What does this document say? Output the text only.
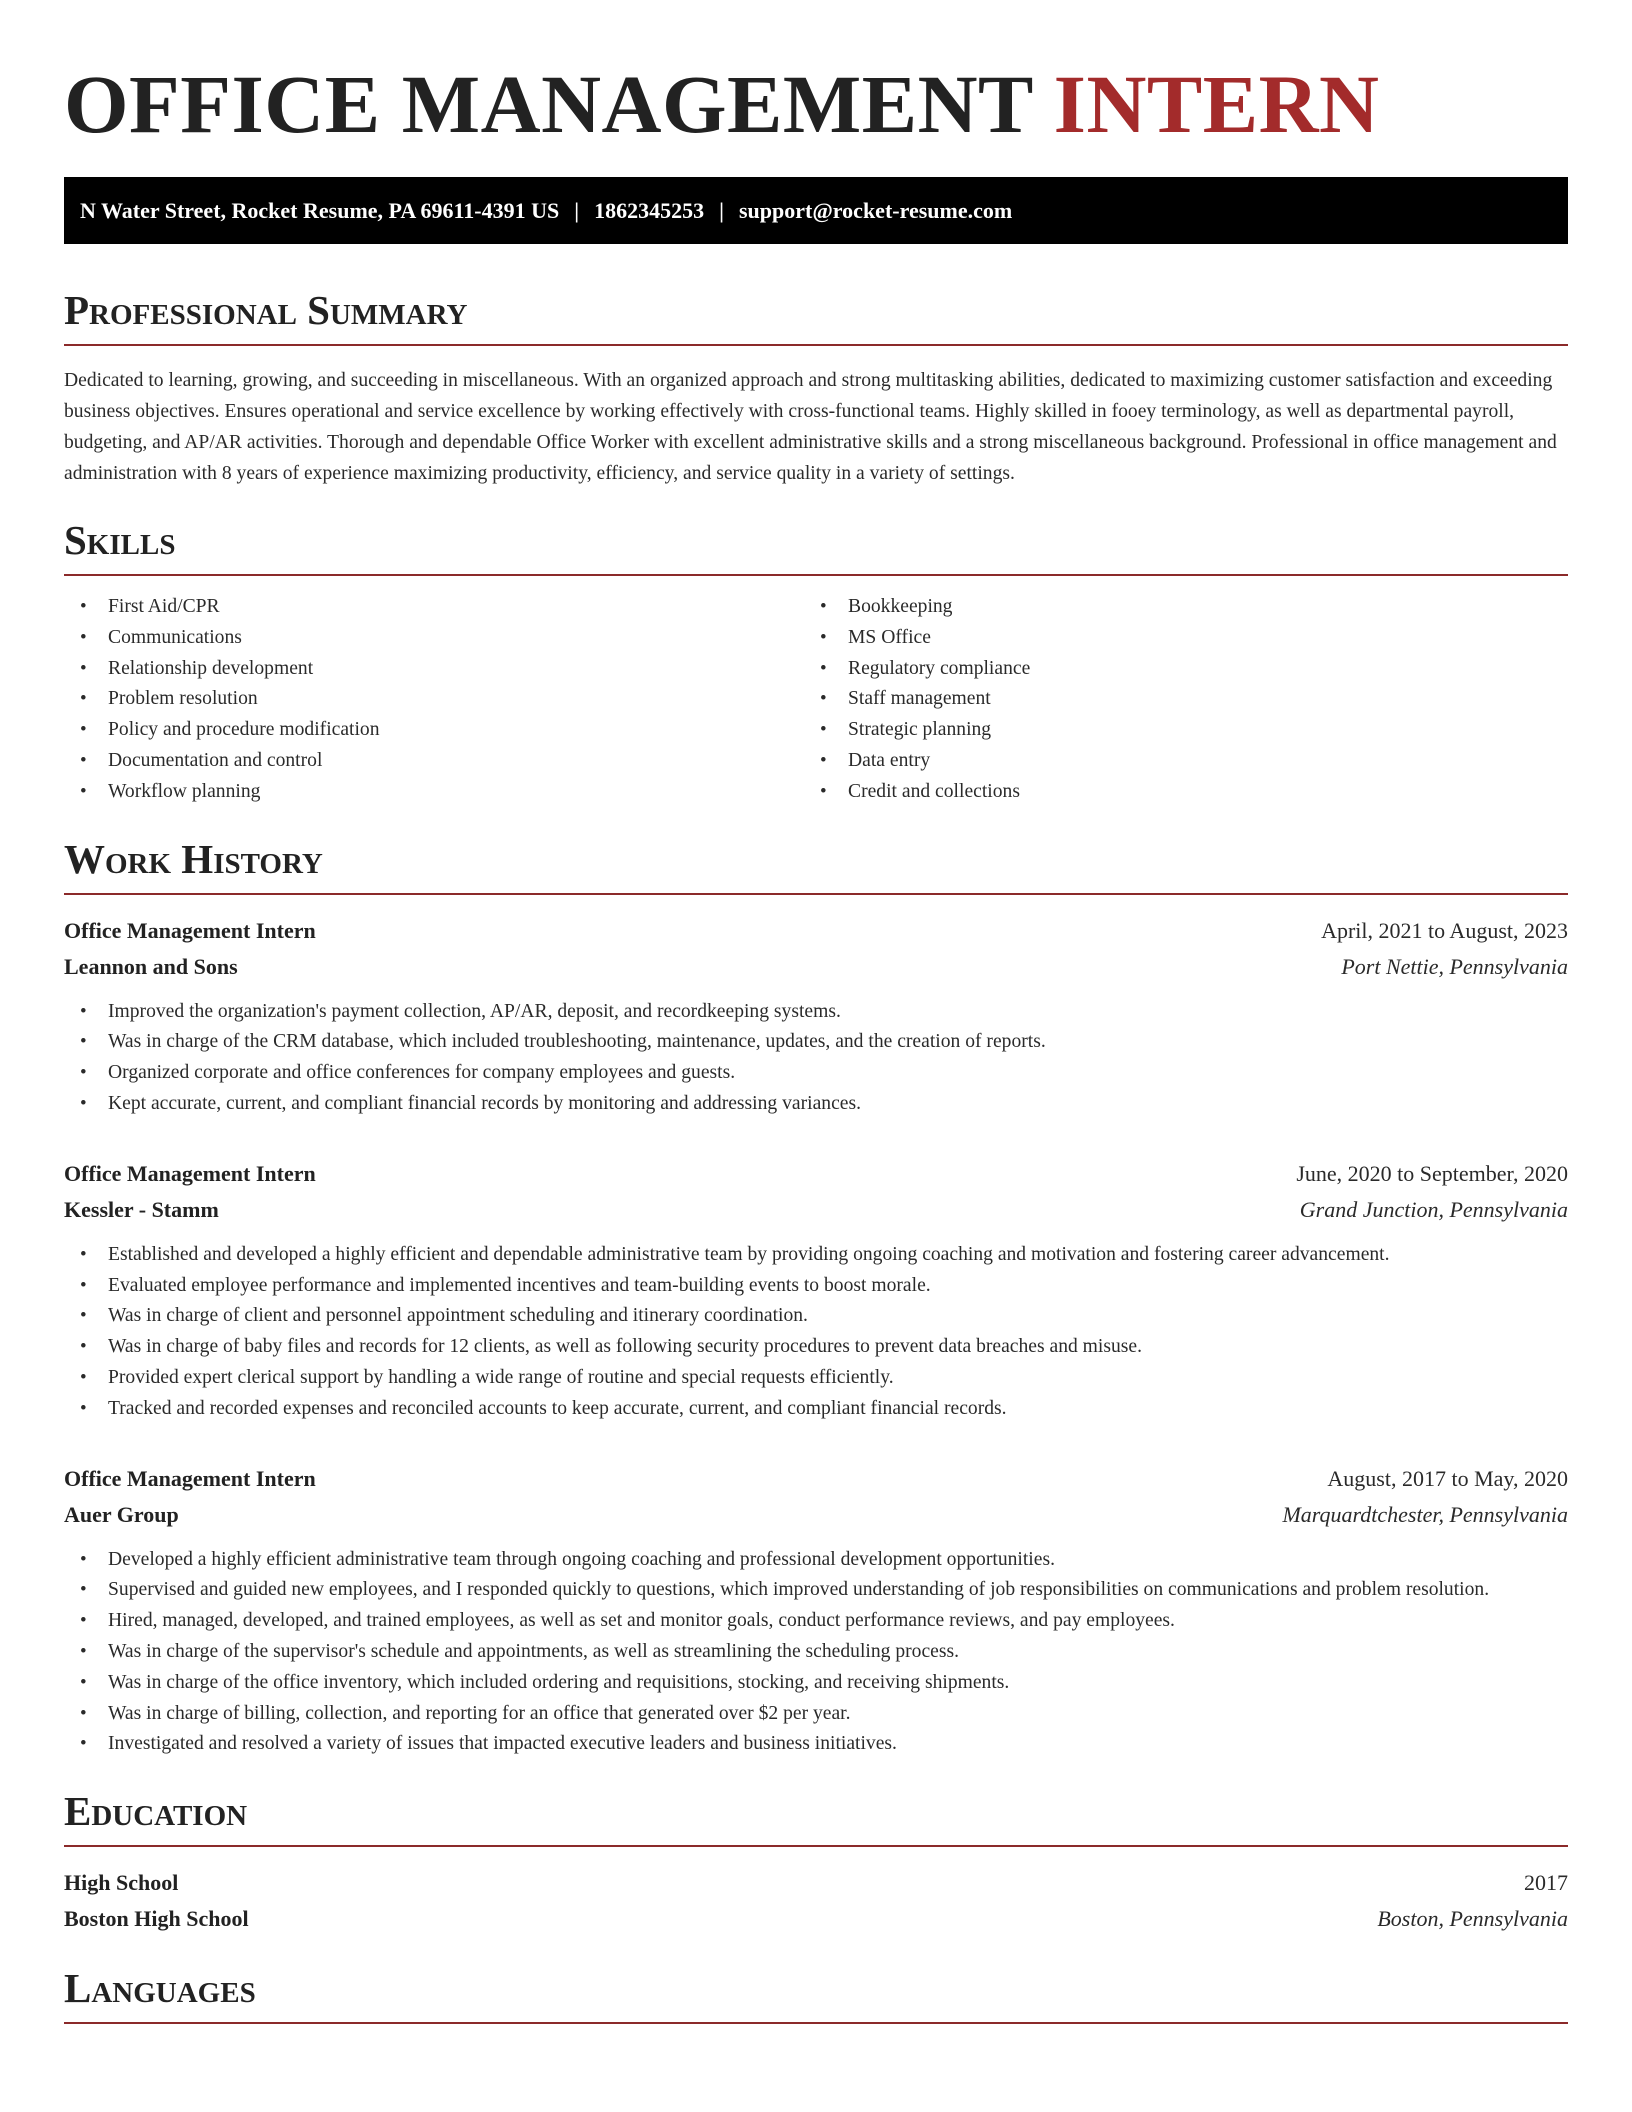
OFFICE MANAGEMENT INTERN
N Water Street, Rocket Resume, PA 69611-4391 US | 1862345253 | support@rocket-resume.com
Professional Summary

Dedicated to learning, growing, and succeeding in miscellaneous. With an organized approach and strong multitasking abilities, dedicated to maximizing customer satisfaction and exceeding business objectives. Ensures operational and service excellence by working effectively with cross-functional teams. Highly skilled in fooey terminology, as well as departmental payroll, budgeting, and AP/AR activities. Thorough and dependable Office Worker with excellent administrative skills and a strong miscellaneous background. Professional in office management and administration with 8 years of experience maximizing productivity, efficiency, and service quality in a variety of settings.

Skills
• First Aid/CPR
• Communications
• Relationship development
• Problem resolution
• Policy and procedure modification
• Documentation and control
• Workflow planning
• Bookkeeping
• MS Office
• Regulatory compliance
• Staff management
• Strategic planning
• Data entry
• Credit and collections
Work History
Office Management Intern	April, 2021 to August, 2023
Leannon and Sons	Port Nettie, Pennsylvania
• Improved the organization's payment collection, AP/AR, deposit, and recordkeeping systems.
• Was in charge of the CRM database, which included troubleshooting, maintenance, updates, and the creation of reports.
• Organized corporate and office conferences for company employees and guests.
• Kept accurate, current, and compliant financial records by monitoring and addressing variances.
Office Management Intern	June, 2020 to September, 2020
Kessler - Stamm	Grand Junction, Pennsylvania
• Established and developed a highly efficient and dependable administrative team by providing ongoing coaching and motivation and fostering career advancement.
• Evaluated employee performance and implemented incentives and team-building events to boost morale.
• Was in charge of client and personnel appointment scheduling and itinerary coordination.
• Was in charge of baby files and records for 12 clients, as well as following security procedures to prevent data breaches and misuse.
• Provided expert clerical support by handling a wide range of routine and special requests efficiently.
• Tracked and recorded expenses and reconciled accounts to keep accurate, current, and compliant financial records.
Office Management Intern	August, 2017 to May, 2020
Auer Group	Marquardtchester, Pennsylvania
• Developed a highly efficient administrative team through ongoing coaching and professional development opportunities.
• Supervised and guided new employees, and I responded quickly to questions, which improved understanding of job responsibilities on communications and problem resolution.
• Hired, managed, developed, and trained employees, as well as set and monitor goals, conduct performance reviews, and pay employees.
• Was in charge of the supervisor's schedule and appointments, as well as streamlining the scheduling process.
• Was in charge of the office inventory, which included ordering and requisitions, stocking, and receiving shipments.
• Was in charge of billing, collection, and reporting for an office that generated over $2 per year.
• Investigated and resolved a variety of issues that impacted executive leaders and business initiatives.
Education
High School	2017
Boston High School	Boston, Pennsylvania
Languages
